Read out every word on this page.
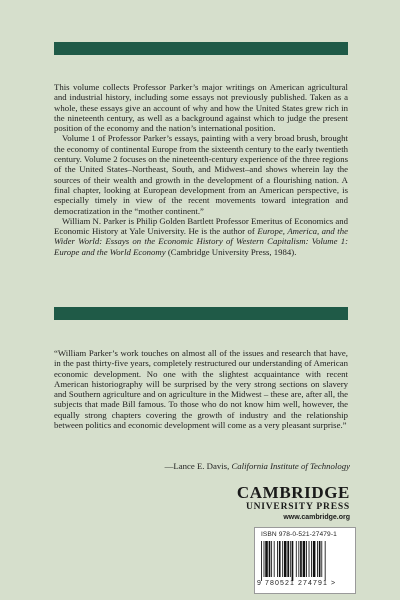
This volume collects Professor Parker’s major writings on American agricultural and industrial history, including some essays not previously published. Taken as a whole, these essays give an account of why and how the United States grew rich in the nineteenth century, as well as a background against which to judge the present position of the economy and the nation’s international position.

Volume 1 of Professor Parker’s essays, painting with a very broad brush, brought the economy of continental Europe from the sixteenth century to the early twentieth century. Volume 2 focuses on the nineteenth-century experience of the three regions of the United States–Northeast, South, and Midwest–and shows wherein lay the sources of their wealth and growth in the development of a flourishing nation. A final chapter, looking at European development from an American perspective, is especially timely in view of the recent movements toward integration and democratization in the “mother continent.”

William N. Parker is Philip Golden Bartlett Professor Emeritus of Economics and Economic History at Yale University. He is the author of Europe, America, and the Wider World: Essays on the Economic History of Western Capitalism: Volume 1: Europe and the World Economy (Cambridge University Press, 1984).

“William Parker’s work touches on almost all of the issues and research that have, in the past thirty-five years, completely restructured our understanding of American economic development. No one with the slightest acquaintance with recent American historiography will be surprised by the very strong sections on slavery and Southern agriculture and on agriculture in the Midwest – these are, after all, the subjects that made Bill famous. To those who do not know him well, however, the equally strong chapters covering the growth of industry and the relationship between politics and economic development will come as a very pleasant surprise.”

—Lance E. Davis, California Institute of Technology
CAMBRIDGE
UNIVERSITY PRESS
www.cambridge.org
ISBN 978-0-521-27479-1
9 780521 274791 >
